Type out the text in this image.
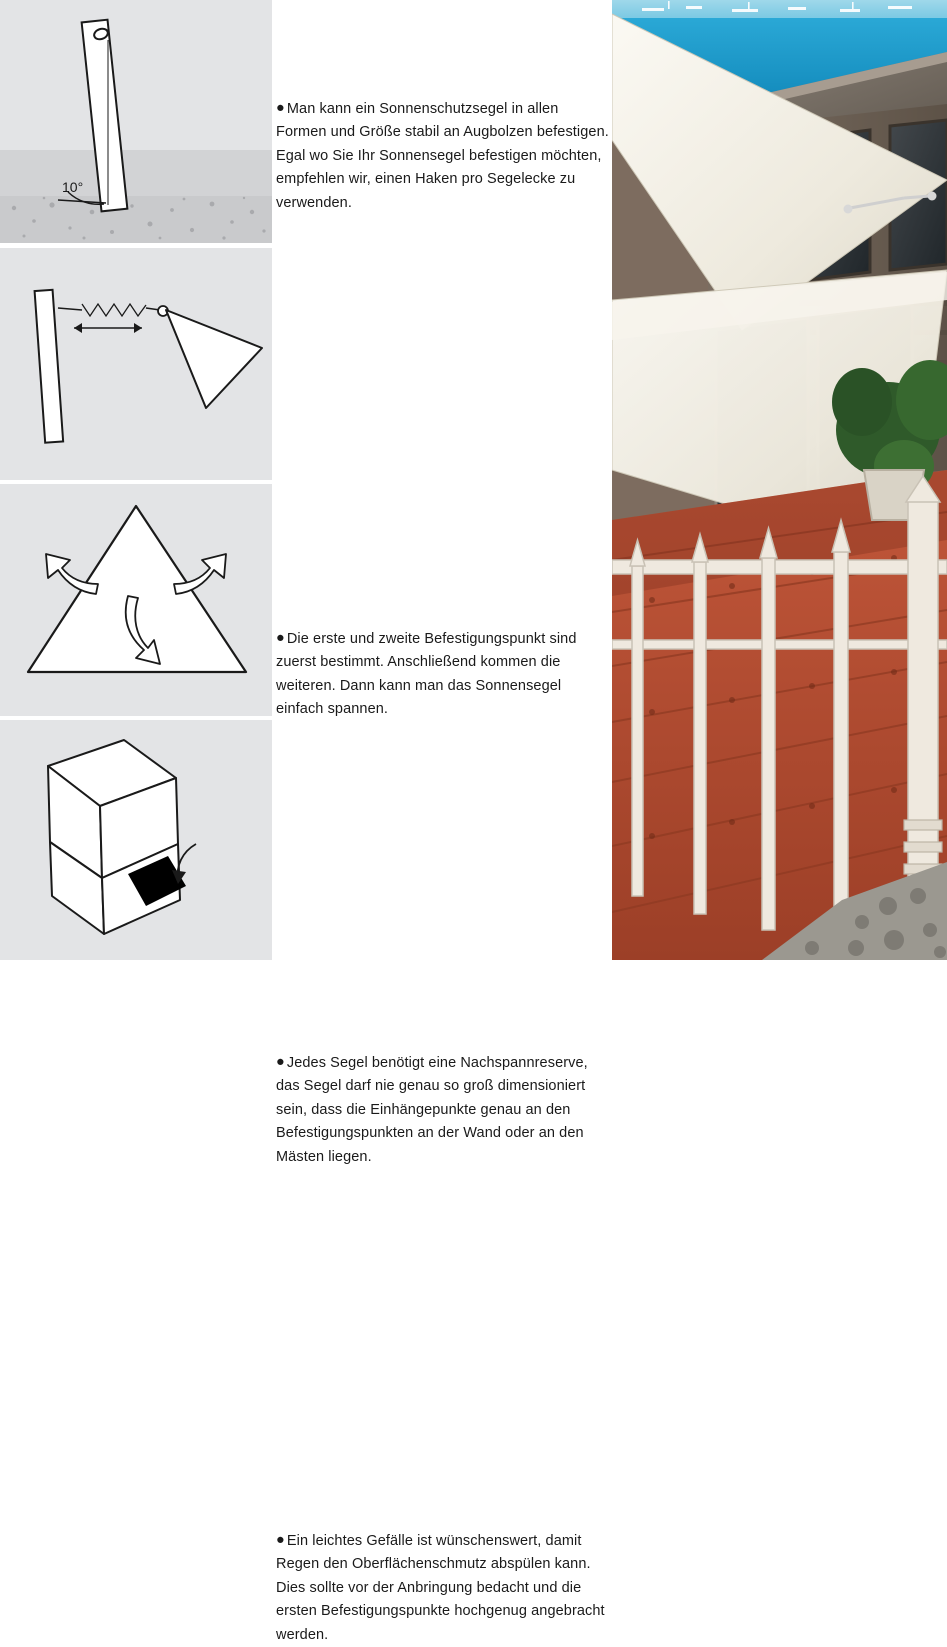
10°
● Man kann ein Sonnenschutzsegel in allen Formen und Größe stabil an Augbolzen befestigen. Egal wo Sie Ihr Sonnensegel befestigen möchten, empfehlen wir, einen Haken pro Segelecke zu verwenden.
● Die erste und zweite Befestigungspunkt sind zuerst bestimmt. Anschließend kommen die weiteren. Dann kann man das Sonnensegel einfach spannen.
● Jedes Segel benötigt eine Nachspannreserve, das Segel darf nie genau so groß dimensioniert sein, dass die Einhängepunkte genau an den Befestigungspunkten an der Wand oder an den Mästen liegen.
● Ein leichtes Gefälle ist wünschenswert, damit Regen den Oberflächenschmutz abspülen kann. Dies sollte vor der Anbringung bedacht und die ersten Befestigungspunkte hochgenug angebracht werden.
